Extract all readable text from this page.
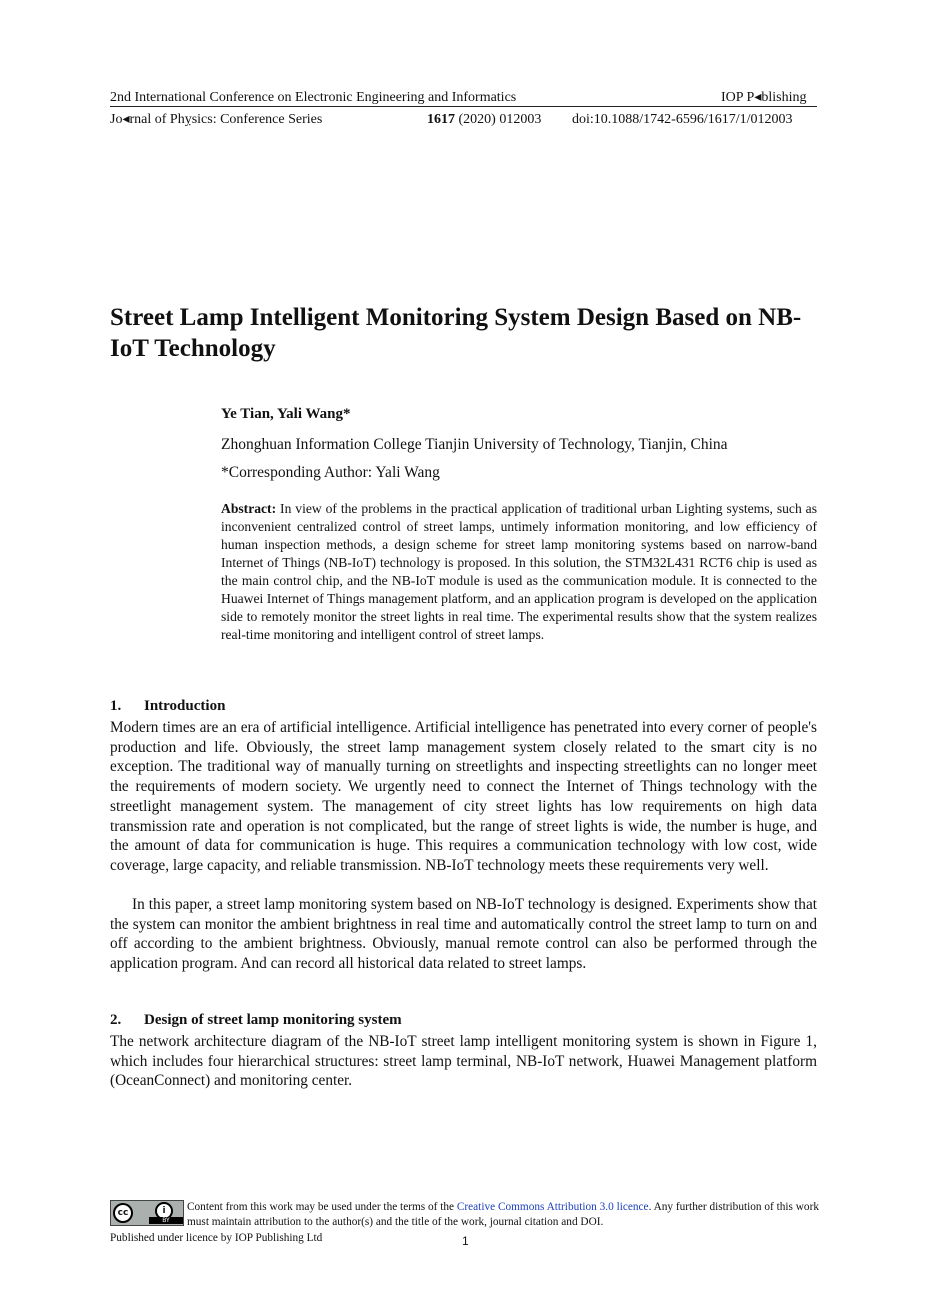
2nd International Conference on Electronic Engineering and Informatics	IOP P◂blishing
Jo◂rnal of Phỵsics: Conference Series	1617 (2020) 012003 doi:10.1088/1742-6596/1617/1/012003
Street Lamp Intelligent Monitoring System Design Based on NB-IoT Technology
Ye Tian, Yali Wang*
Zhonghuan Information College Tianjin University of Technology, Tianjin, China
*Corresponding Author: Yali Wang
Abstract: In view of the problems in the practical application of traditional urban Lighting systems, such as inconvenient centralized control of street lamps, untimely information monitoring, and low efficiency of human inspection methods, a design scheme for street lamp monitoring systems based on narrow-band Internet of Things (NB-IoT) technology is proposed. In this solution, the STM32L431 RCT6 chip is used as the main control chip, and the NB-IoT module is used as the communication module. It is connected to the Huawei Internet of Things management platform, and an application program is developed on the application side to remotely monitor the street lights in real time. The experimental results show that the system realizes real-time monitoring and intelligent control of street lamps.
1. Introduction
Modern times are an era of artificial intelligence. Artificial intelligence has penetrated into every corner of people's production and life. Obviously, the street lamp management system closely related to the smart city is no exception. The traditional way of manually turning on streetlights and inspecting streetlights can no longer meet the requirements of modern society. We urgently need to connect the Internet of Things technology with the streetlight management system. The management of city street lights has low requirements on high data transmission rate and operation is not complicated, but the range of street lights is wide, the number is huge, and the amount of data for communication is huge. This requires a communication technology with low cost, wide coverage, large capacity, and reliable transmission. NB-IoT technology meets these requirements very well.
In this paper, a street lamp monitoring system based on NB-IoT technology is designed. Experiments show that the system can monitor the ambient brightness in real time and automatically control the street lamp to turn on and off according to the ambient brightness. Obviously, manual remote control can also be performed through the application program. And can record all historical data related to street lamps.
2. Design of street lamp monitoring system
The network architecture diagram of the NB-IoT street lamp intelligent monitoring system is shown in Figure 1, which includes four hierarchical structures: street lamp terminal, NB-IoT network, Huawei Management platform (OceanConnect) and monitoring center.
cc	i
BY
Content from this work may be used under the terms of the Creative Commons Attribution 3.0 licence. Any further distribution of this work must maintain attribution to the author(s) and the title of the work, journal citation and DOI.
Published under licence by IOP Publishing Ltd	1
